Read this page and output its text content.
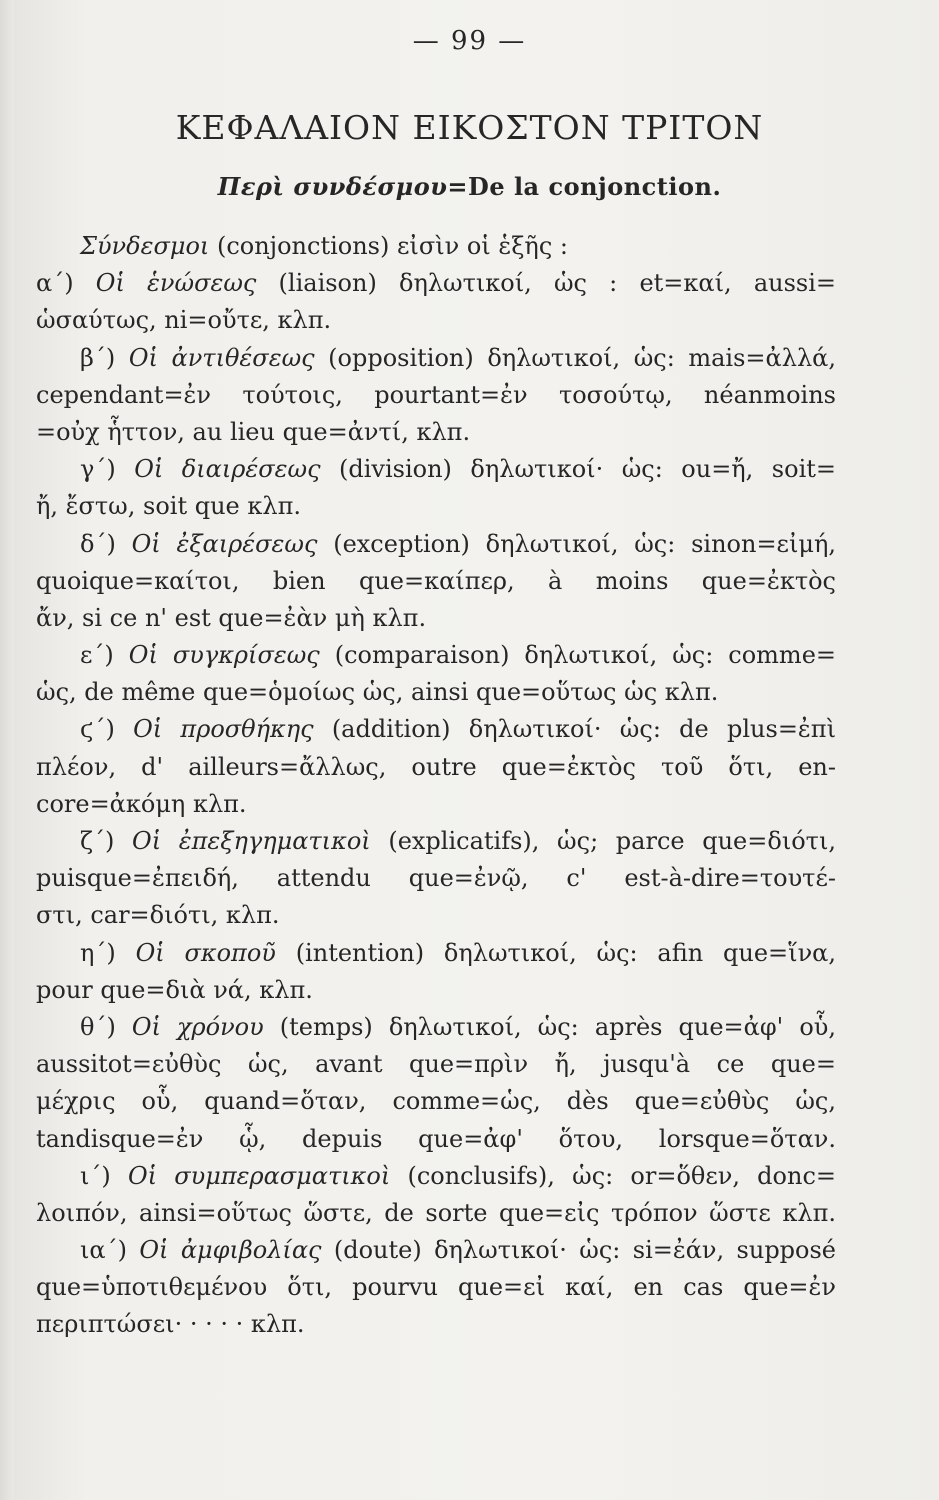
— 99 —
ΚΕΦΑΛΑΙΟΝ ΕΙΚΟΣΤΟΝ ΤΡΙΤΟΝ
Περὶ συνδέσμου=De la conjonction.
Σύνδεσμοι (conjonctions) εἰσὶν οἱ ἑξῆς :
α´) Οἱ ἑνώσεως (liaison) δηλωτικοί, ὡς : et=καί, aussi=
ὡσαύτως, ni=οὔτε, κλπ.
β´) Οἱ ἀντιθέσεως (opposition) δηλωτικοί, ὡς: mais=ἀλλά,
cependant=ἐν τούτοις, pourtant=ἐν τοσούτῳ, néanmoins
=οὐχ ἧττον, au lieu que=ἀντί, κλπ.
γ´) Οἱ διαιρέσεως (division) δηλωτικοί· ὡς: ou=ἤ, soit=
ἤ, ἔστω, soit que κλπ.
δ´) Οἱ ἐξαιρέσεως (exception) δηλωτικοί, ὡς: sinon=εἰμή,
quoique=καίτοι, bien que=καίπερ, à moins que=ἐκτὸς
ἄν, si ce n' est que=ἐὰν μὴ κλπ.
ε´) Οἱ συγκρίσεως (comparaison) δηλωτικοί, ὡς: comme=
ὡς, de même que=ὁμοίως ὡς, ainsi que=οὕτως ὡς κλπ.
ϛ´) Οἱ προσθήκης (addition) δηλωτικοί· ὡς: de plus=ἐπὶ
πλέον, d' ailleurs=ἄλλως, outre que=ἐκτὸς τοῦ ὅτι, en-
core=ἀκόμη κλπ.
ζ´) Οἱ ἐπεξηγηματικοὶ (explicatifs), ὡς; parce que=διότι,
puisque=ἐπειδή, attendu que=ἐνῷ, c' est-à-dire=τουτέ-
στι, car=διότι, κλπ.
η´) Οἱ σκοποῦ (intention) δηλωτικοί, ὡς: afin que=ἵνα,
pour que=διὰ νά, κλπ.
θ´) Οἱ χρόνου (temps) δηλωτικοί, ὡς: après que=ἀφ' οὗ,
aussitot=εὐθὺς ὡς, avant que=πρὶν ἤ, jusqu'à ce que=
μέχρις οὗ, quand=ὅταν, comme=ὡς, dès que=εὐθὺς ὡς,
tandisque=ἐν ᾧ, depuis que=ἀφ' ὅτου, lorsque=ὅταν.
ι´) Οἱ συμπερασματικοὶ (conclusifs), ὡς: or=ὅθεν, donc=
λοιπόν, ainsi=οὕτως ὥστε, de sorte que=εἰς τρόπον ὥστε κλπ.
ια´) Οἱ ἀμφιβολίας (doute) δηλωτικοί· ὡς: si=ἐάν, supposé
que=ὑποτιθεμένου ὅτι, pourvu que=εἰ καί, en cas que=ἐν
περιπτώσει· · · · · κλπ.
